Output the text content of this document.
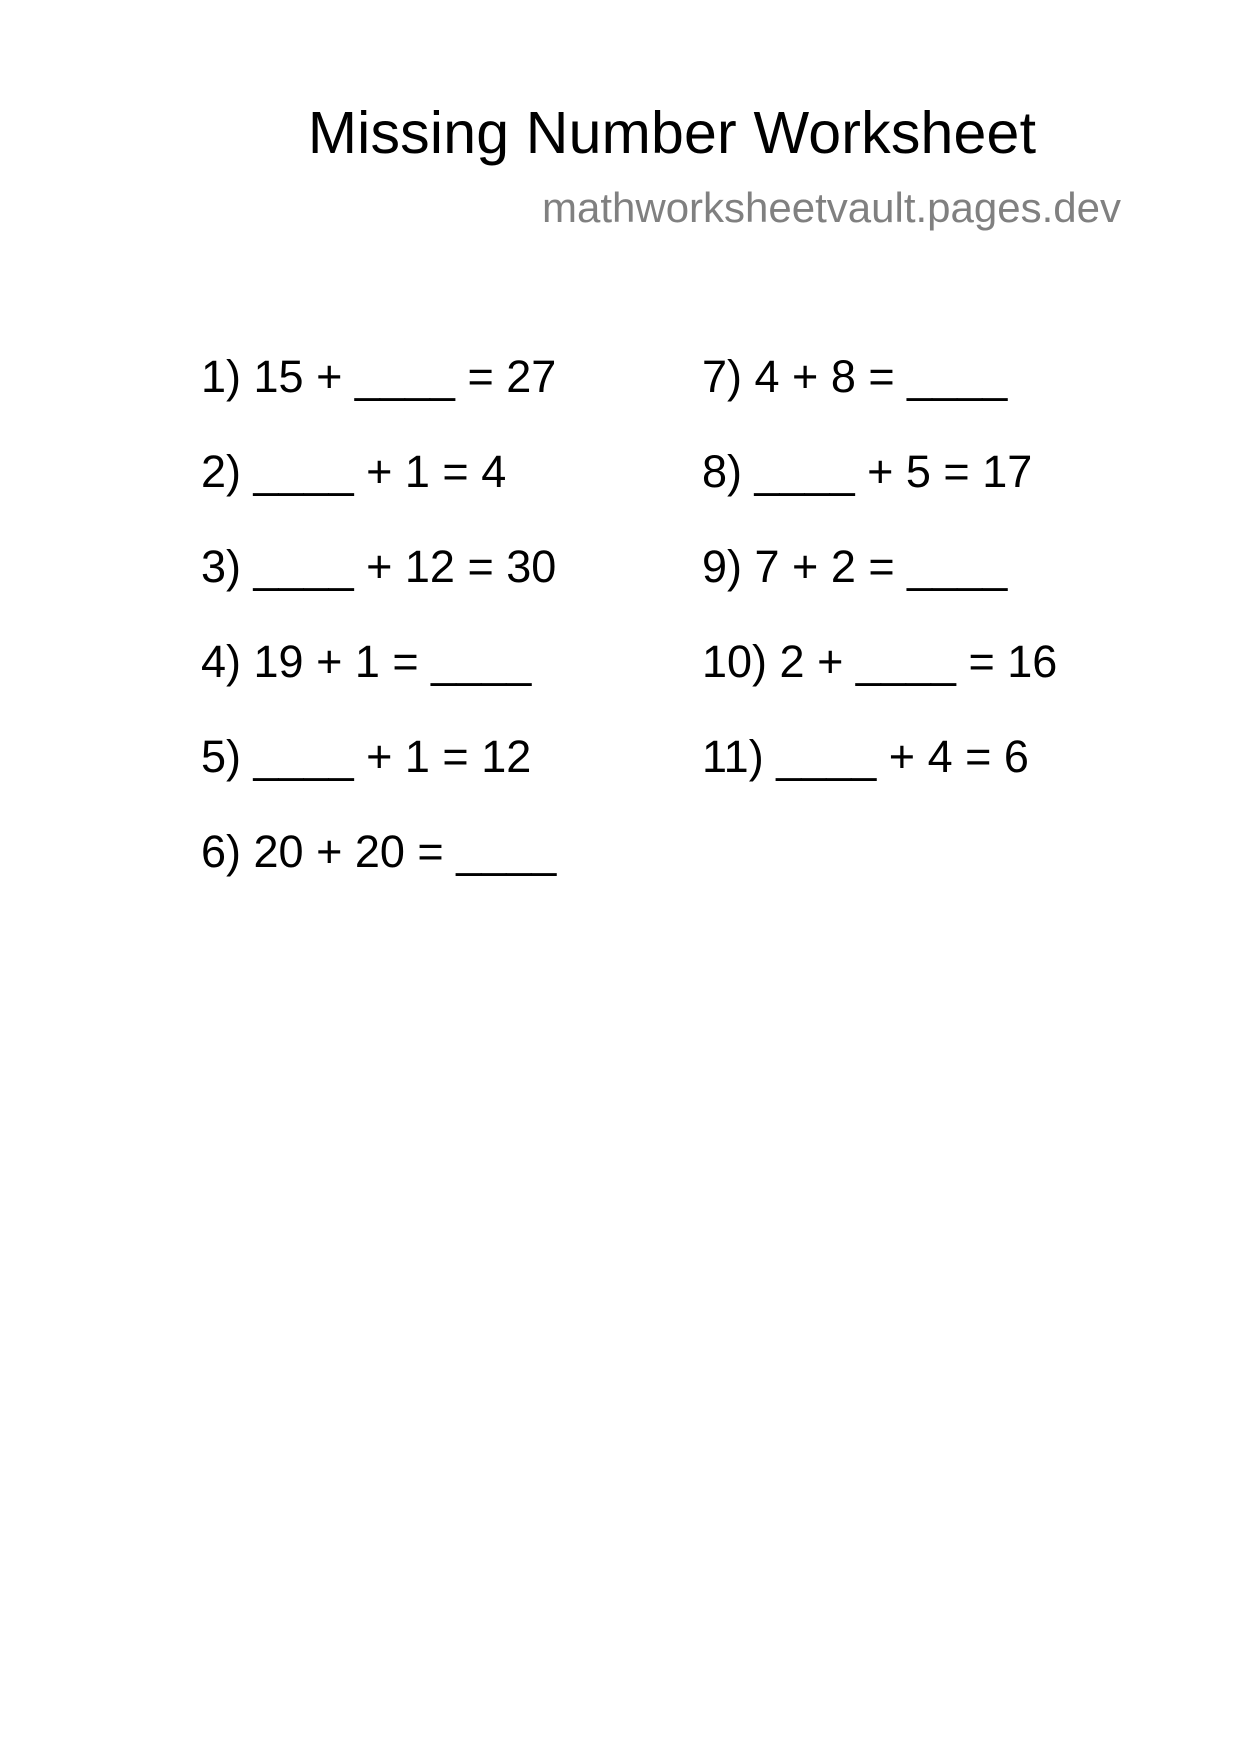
Missing Number Worksheet
mathworksheetvault.pages.dev
1) 15 + ____ = 27
2) ____ + 1 = 4
3) ____ + 12 = 30
4) 19 + 1 = ____
5) ____ + 1 = 12
6) 20 + 20 = ____
7) 4 + 8 = ____
8) ____ + 5 = 17
9) 7 + 2 = ____
10) 2 + ____ = 16
11) ____ + 4 = 6
